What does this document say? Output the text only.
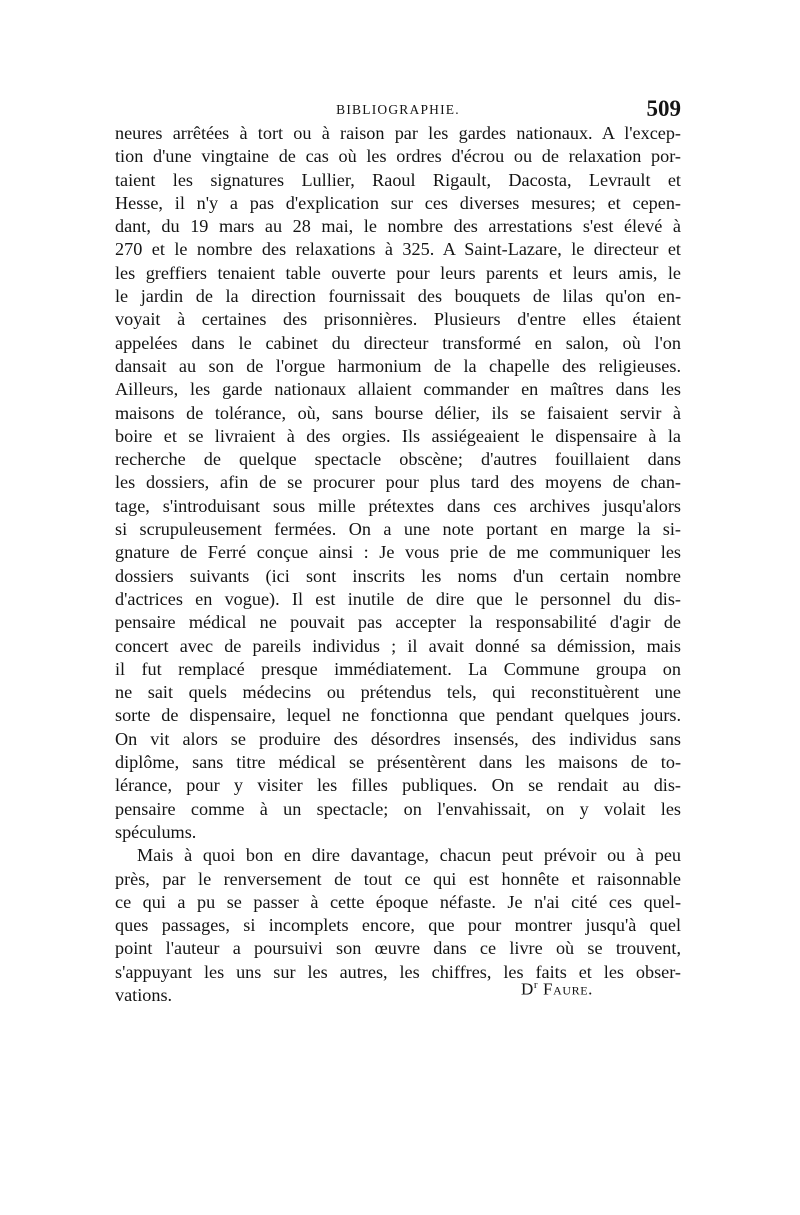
BIBLIOGRAPHIE.	509
neures arrêtées à tort ou à raison par les gardes nationaux. A l'excep-
tion d'une vingtaine de cas où les ordres d'écrou ou de relaxation por-
taient les signatures Lullier, Raoul Rigault, Dacosta, Levrault et
Hesse, il n'y a pas d'explication sur ces diverses mesures; et cepen-
dant, du 19 mars au 28 mai, le nombre des arrestations s'est élevé à
270 et le nombre des relaxations à 325. A Saint-Lazare, le directeur et
les greffiers tenaient table ouverte pour leurs parents et leurs amis, le
le jardin de la direction fournissait des bouquets de lilas qu'on en-
voyait à certaines des prisonnières. Plusieurs d'entre elles étaient
appelées dans le cabinet du directeur transformé en salon, où l'on
dansait au son de l'orgue harmonium de la chapelle des religieuses.
Ailleurs, les garde nationaux allaient commander en maîtres dans les
maisons de tolérance, où, sans bourse délier, ils se faisaient servir à
boire et se livraient à des orgies. Ils assiégeaient le dispensaire à la
recherche de quelque spectacle obscène; d'autres fouillaient dans
les dossiers, afin de se procurer pour plus tard des moyens de chan-
tage, s'introduisant sous mille prétextes dans ces archives jusqu'alors
si scrupuleusement fermées. On a une note portant en marge la si-
gnature de Ferré conçue ainsi : Je vous prie de me communiquer les
dossiers suivants (ici sont inscrits les noms d'un certain nombre
d'actrices en vogue). Il est inutile de dire que le personnel du dis-
pensaire médical ne pouvait pas accepter la responsabilité d'agir de
concert avec de pareils individus ; il avait donné sa démission, mais
il fut remplacé presque immédiatement. La Commune groupa on
ne sait quels médecins ou prétendus tels, qui reconstituèrent une
sorte de dispensaire, lequel ne fonctionna que pendant quelques jours.
On vit alors se produire des désordres insensés, des individus sans
diplôme, sans titre médical se présentèrent dans les maisons de to-
lérance, pour y visiter les filles publiques. On se rendait au dis-
pensaire comme à un spectacle; on l'envahissait, on y volait les
spéculums.
Mais à quoi bon en dire davantage, chacun peut prévoir ou à peu
près, par le renversement de tout ce qui est honnête et raisonnable
ce qui a pu se passer à cette époque néfaste. Je n'ai cité ces quel-
ques passages, si incomplets encore, que pour montrer jusqu'à quel
point l'auteur a poursuivi son œuvre dans ce livre où se trouvent,
s'appuyant les uns sur les autres, les chiffres, les faits et les obser-
vations.	$D^r$ Faure.
